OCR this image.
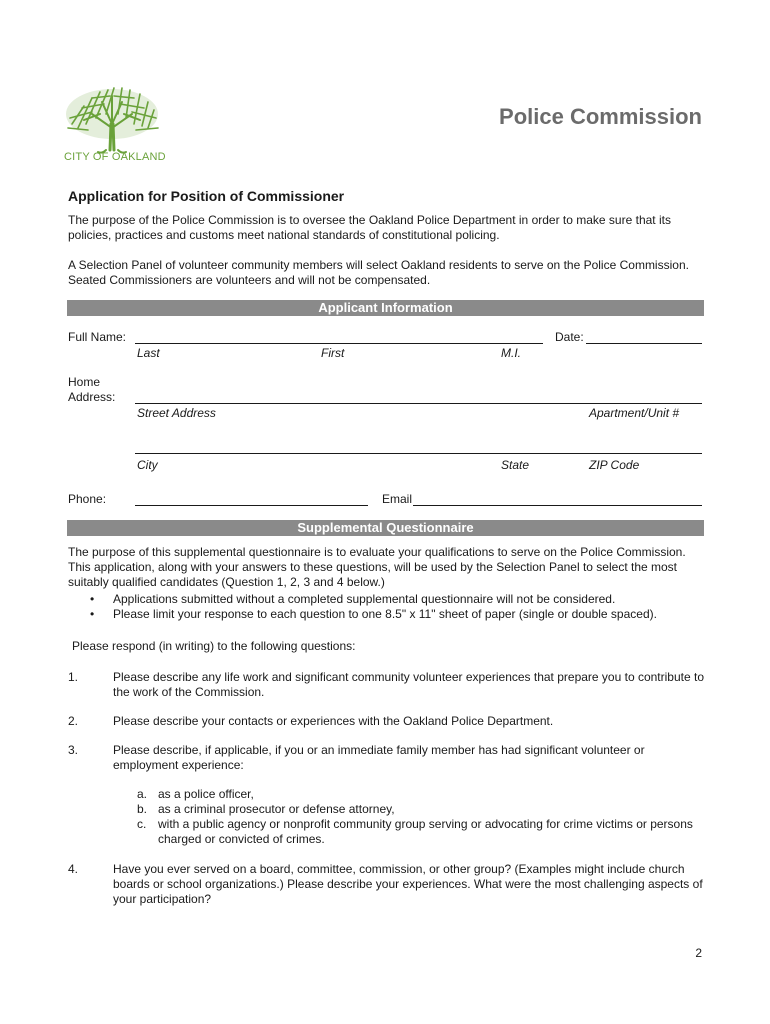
CITY OF OAKLAND
Police Commission
Application for Position of Commissioner
The purpose of the Police Commission is to oversee the Oakland Police Department in order to make sure that its policies, practices and customs meet national standards of constitutional policing.
A Selection Panel of volunteer community members will select Oakland residents to serve on the Police Commission. Seated Commissioners are volunteers and will not be compensated.
Applicant Information
Full Name:	Date:
Last	First	M.I.
Home
Address:
Street Address	Apartment/Unit #
City	State	ZIP Code
Phone:	Email
Supplemental Questionnaire
The purpose of this supplemental questionnaire is to evaluate your qualifications to serve on the Police Commission. This application, along with your answers to these questions, will be used by the Selection Panel to select the most suitably qualified candidates (Question 1, 2, 3 and 4 below.)
• Applications submitted without a completed supplemental questionnaire will not be considered.
• Please limit your response to each question to one 8.5" x 11" sheet of paper (single or double spaced).
Please respond (in writing) to the following questions:
1.	Please describe any life work and significant community volunteer experiences that prepare you to contribute to the work of the Commission.
2.	Please describe your contacts or experiences with the Oakland Police Department.
3.	Please describe, if applicable, if you or an immediate family member has had significant volunteer or employment experience:
a. as a police officer,
b. as a criminal prosecutor or defense attorney,
c. with a public agency or nonprofit community group serving or advocating for crime victims or persons charged or convicted of crimes.
4.	Have you ever served on a board, committee, commission, or other group? (Examples might include church boards or school organizations.) Please describe your experiences. What were the most challenging aspects of your participation?
2
